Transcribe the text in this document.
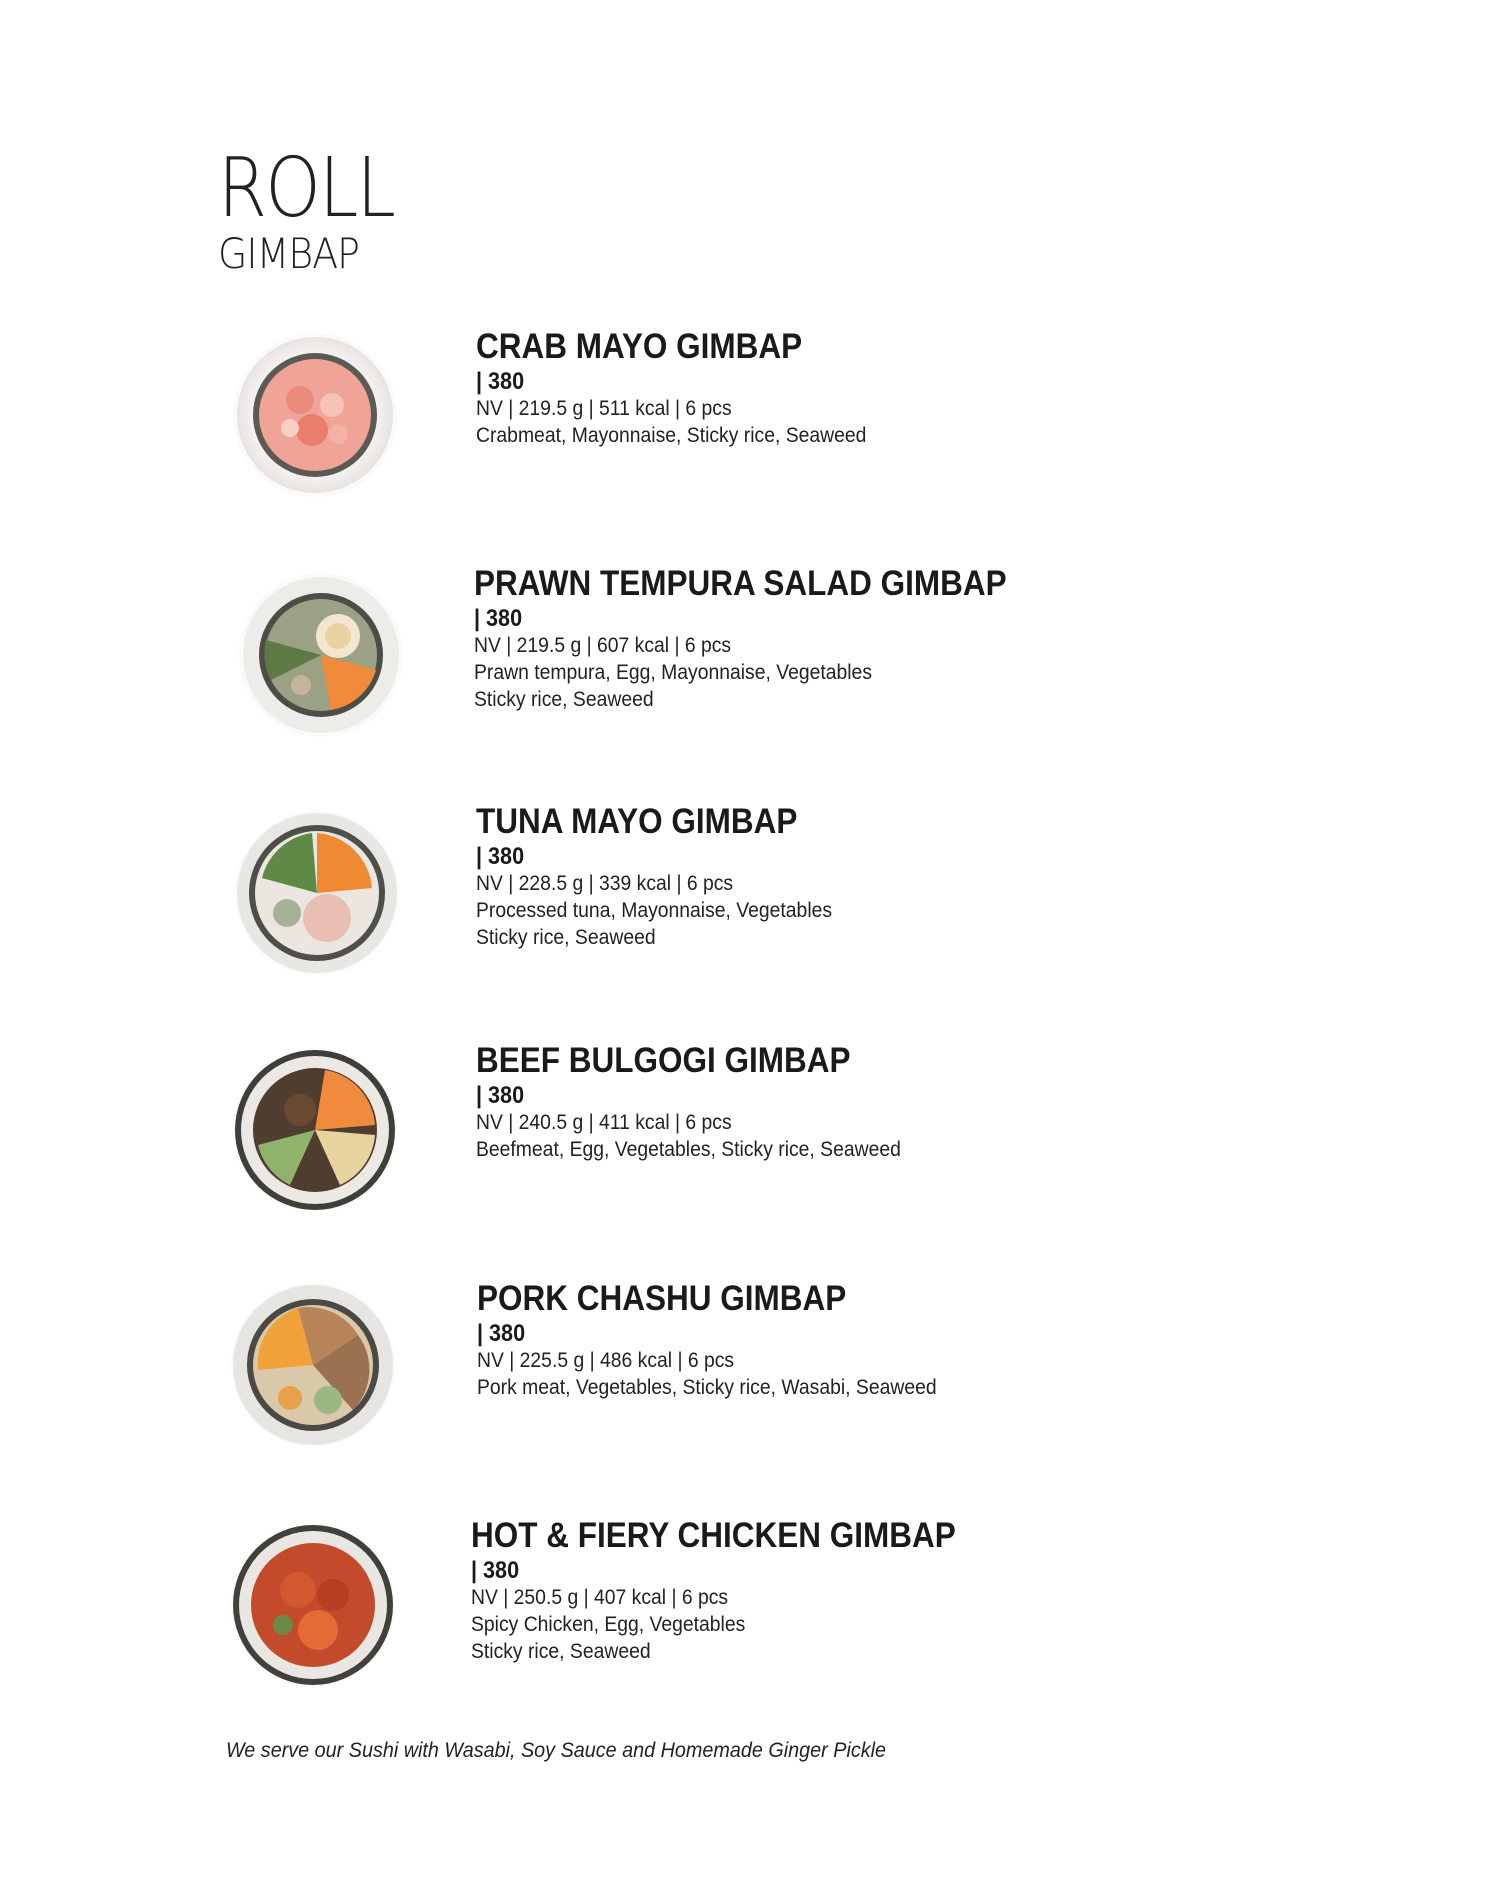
ROLL
GIMBAP
CRAB MAYO GIMBAP
| 380
NV | 219.5 g | 511 kcal | 6 pcs
Crabmeat, Mayonnaise, Sticky rice, Seaweed
PRAWN TEMPURA SALAD GIMBAP
| 380
NV | 219.5 g | 607 kcal | 6 pcs
Prawn tempura, Egg, Mayonnaise, Vegetables
Sticky rice, Seaweed
TUNA MAYO GIMBAP
| 380
NV | 228.5 g | 339 kcal | 6 pcs
Processed tuna, Mayonnaise, Vegetables
Sticky rice, Seaweed
BEEF BULGOGI GIMBAP
| 380
NV | 240.5 g | 411 kcal | 6 pcs
Beefmeat, Egg, Vegetables, Sticky rice, Seaweed
PORK CHASHU GIMBAP
| 380
NV | 225.5 g | 486 kcal | 6 pcs
Pork meat, Vegetables, Sticky rice, Wasabi, Seaweed
HOT & FIERY CHICKEN GIMBAP
| 380
NV | 250.5 g | 407 kcal | 6 pcs
Spicy Chicken, Egg, Vegetables
Sticky rice, Seaweed
We serve our Sushi with Wasabi, Soy Sauce and Homemade Ginger Pickle
